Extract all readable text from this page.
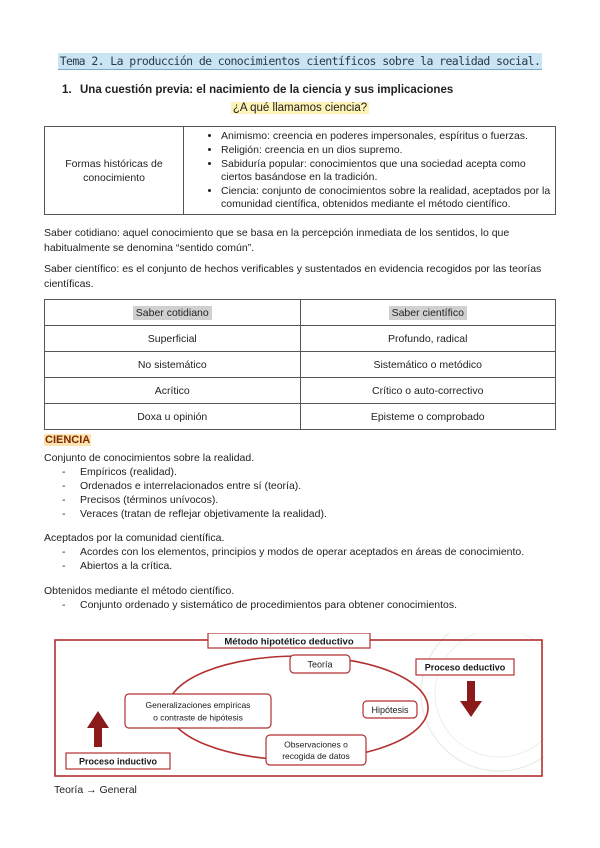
Tema 2. La producción de conocimientos científicos sobre la realidad social.
1. Una cuestión previa: el nacimiento de la ciencia y sus implicaciones
¿A qué llamamos ciencia?
Formas históricas de conocimiento	
• Animismo: creencia en poderes impersonales, espíritus o fuerzas.
• Religión: creencia en un dios supremo.
• Sabiduría popular: conocimientos que una sociedad acepta como ciertos basándose en la tradición.
• Ciencia: conjunto de conocimientos sobre la realidad, aceptados por la comunidad científica, obtenidos mediante el método científico.

Saber cotidiano: aquel conocimiento que se basa en la percepción inmediata de los sentidos, lo que habitualmente se denomina “sentido común”.

Saber científico: es el conjunto de hechos verificables y sustentados en evidencia recogidos por las teorías científicas.

Saber cotidiano	Saber científico
Superficial	Profundo, radical
No sistemático	Sistemático o metódico
Acrítico	Crítico o auto-correctivo
Doxa u opinión	Episteme o comprobado
CIENCIA
Conjunto de conocimientos sobre la realidad.
- Empíricos (realidad).
- Ordenados e interrelacionados entre sí (teoría).
- Precisos (términos unívocos).
- Veraces (tratan de reflejar objetivamente la realidad).
Aceptados por la comunidad científica.
- Acordes con los elementos, principios y modos de operar aceptados en áreas de conocimiento.
- Abiertos a la crítica.
Obtenidos mediante el método científico.
- Conjunto ordenado y sistemático de procedimientos para obtener conocimientos.
Método hipotético deductivo
Teoría
Hipótesis
Observaciones o
recogida de datos
Generalizaciones empíricas
o contraste de hipótesis
Proceso deductivo
Proceso inductivo
Teoría → General
